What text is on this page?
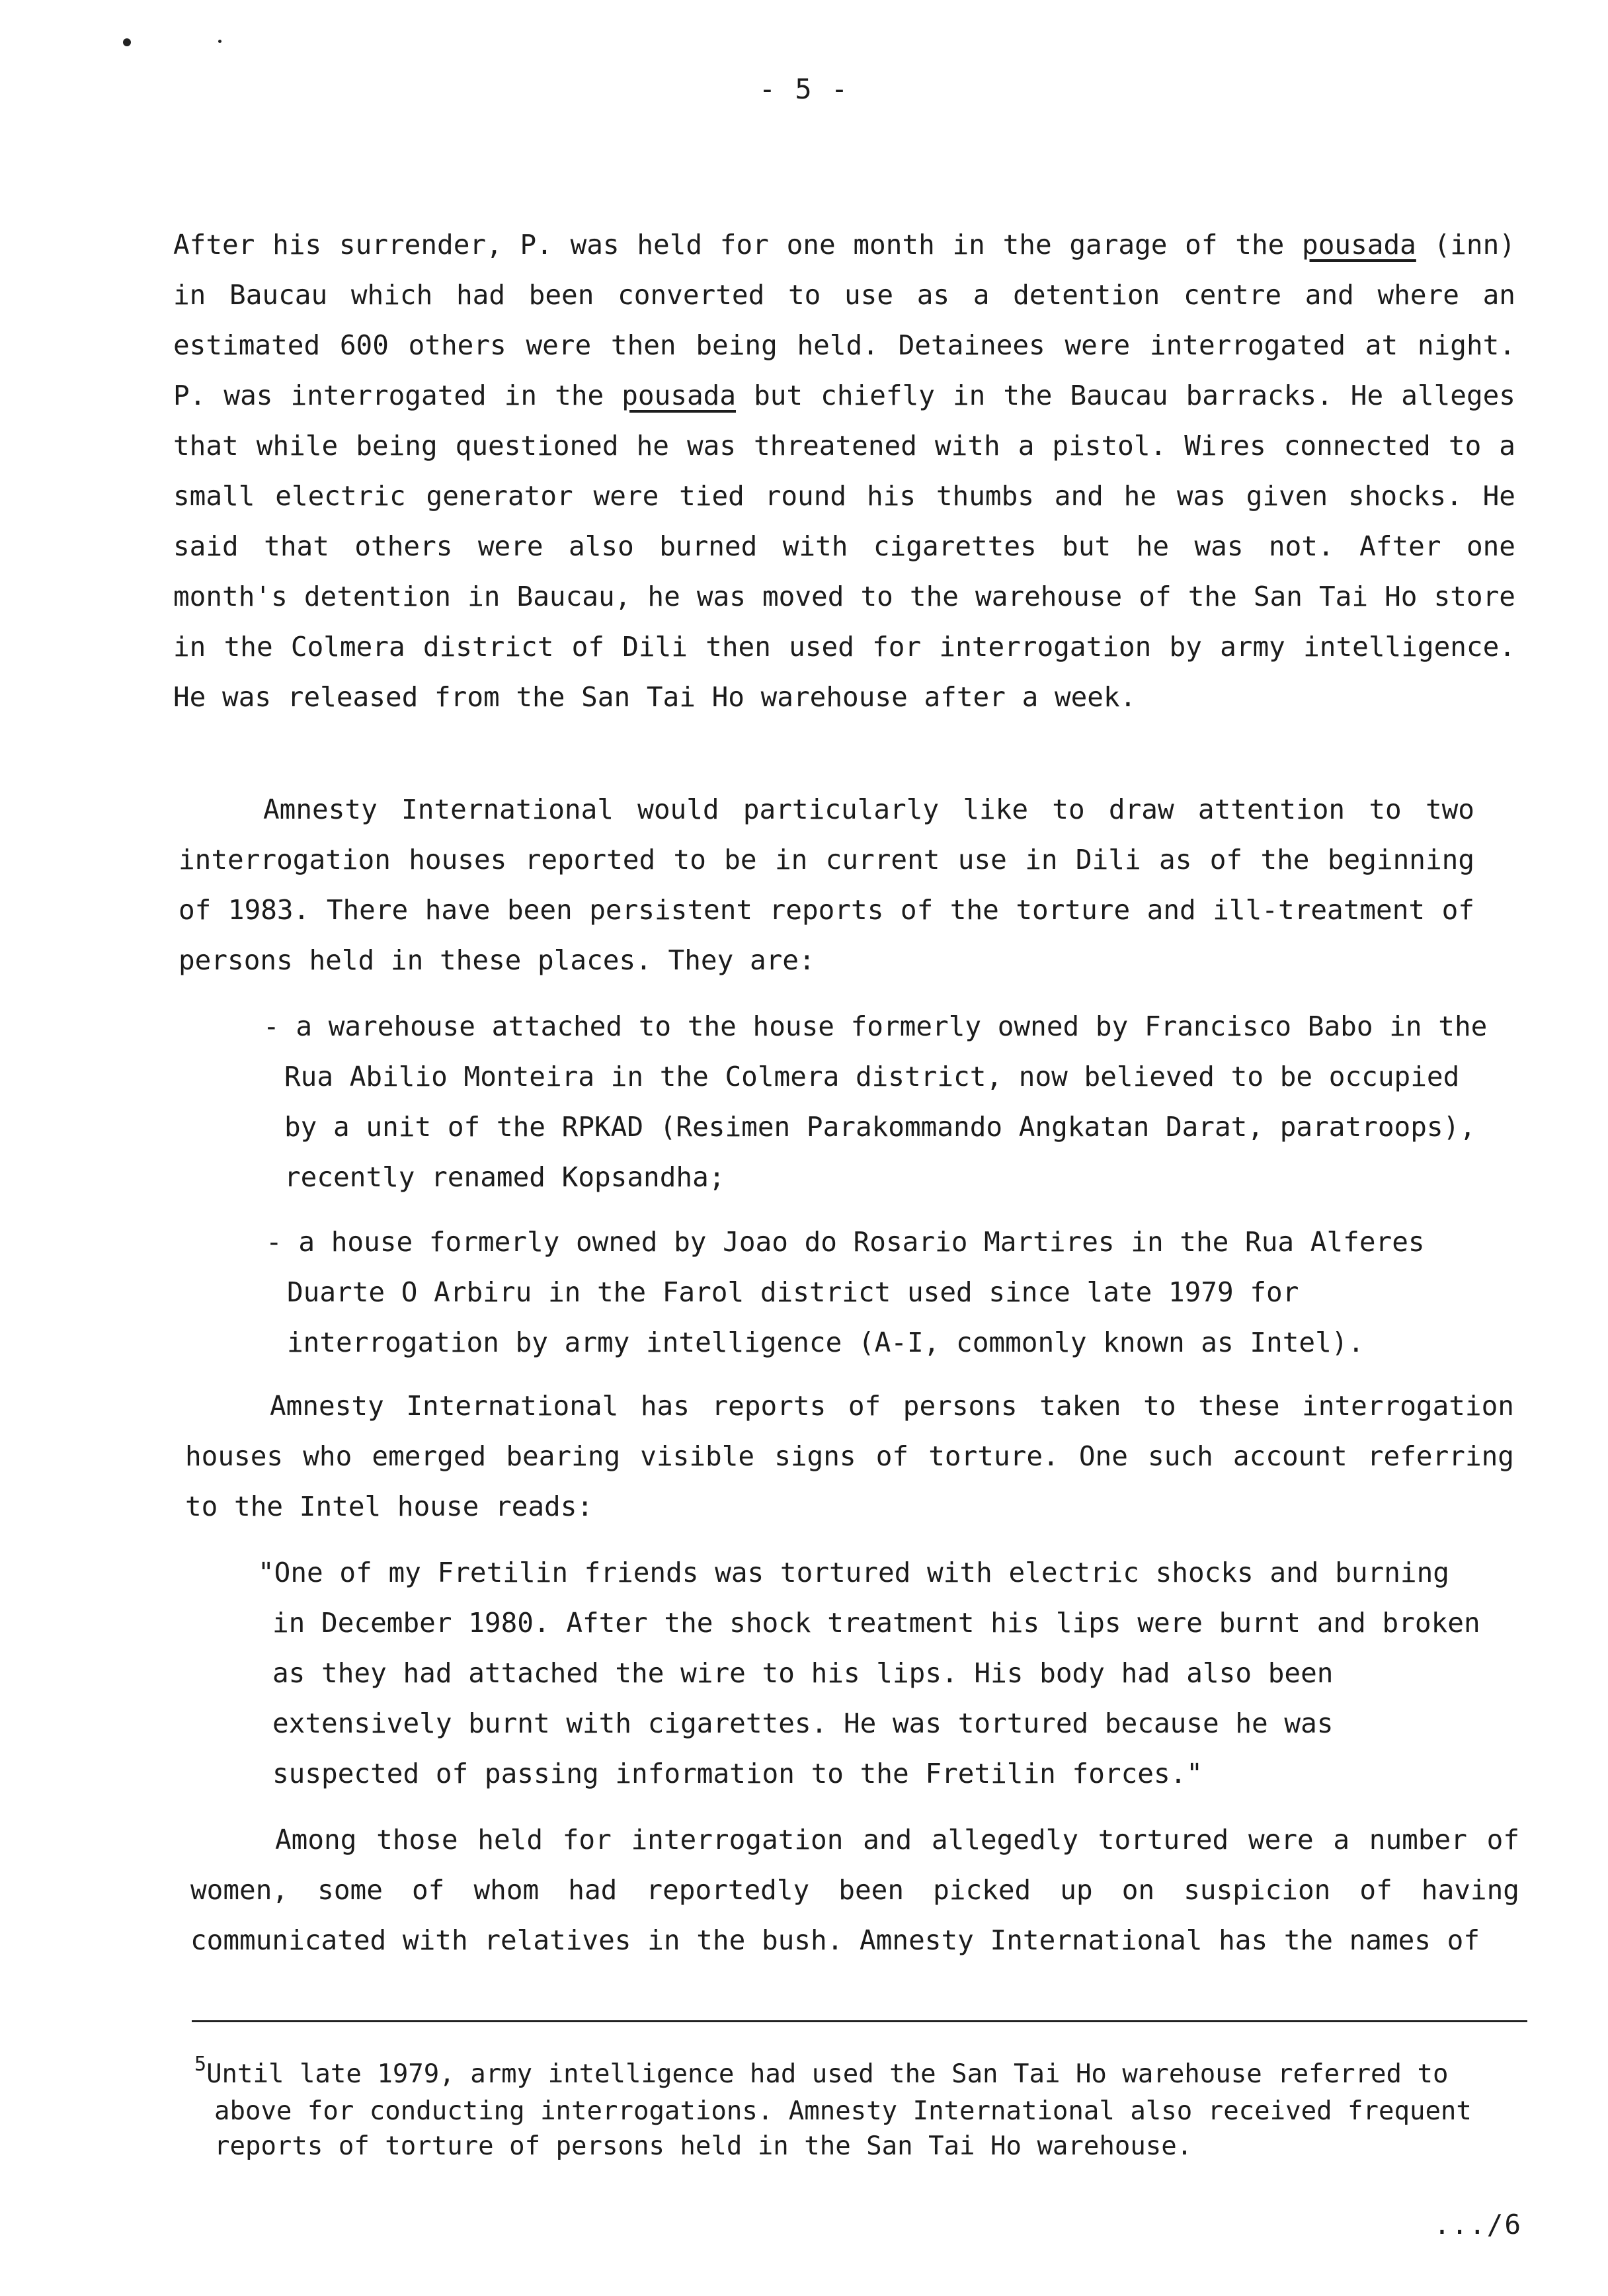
- 5 -

After his surrender, P. was held for one month in the garage of the pousada (inn) in Baucau which had been converted to use as a detention centre and where an estimated 600 others were then being held. Detainees were interrogated at night. P. was interrogated in the pousada but chiefly in the Baucau barracks. He alleges that while being questioned he was threatened with a pistol. Wires connected to a small electric generator were tied round his thumbs and he was given shocks. He said that others were also burned with cigarettes but he was not. After one month's detention in Baucau, he was moved to the warehouse of the San Tai Ho store in the Colmera district of Dili then used for interrogation by army intelligence. He was released from the San Tai Ho warehouse after a week.

Amnesty International would particularly like to draw attention to two interrogation houses reported to be in current use in Dili as of the beginning of 1983. There have been persistent reports of the torture and ill-treatment of persons held in these places. They are:

- a warehouse attached to the house formerly owned by Francisco Babo in the Rua Abilio Monteira in the Colmera district, now believed to be occupied by a unit of the RPKAD (Resimen Parakommando Angkatan Darat, paratroops), recently renamed Kopsandha;

- a house formerly owned by Joao do Rosario Martires in the Rua Alferes Duarte O Arbiru in the Farol district used since late 1979 for interrogation by army intelligence (A-I, commonly known as Intel).

Amnesty International has reports of persons taken to these interrogation houses who emerged bearing visible signs of torture. One such account referring to the Intel house reads:

"One of my Fretilin friends was tortured with electric shocks and burning in December 1980. After the shock treatment his lips were burnt and broken as they had attached the wire to his lips. His body had also been extensively burnt with cigarettes. He was tortured because he was suspected of passing information to the Fretilin forces."

Among those held for interrogation and allegedly tortured were a number of women, some of whom had reportedly been picked up on suspicion of having communicated with relatives in the bush. Amnesty International has the names of

$^5$Until late 1979, army intelligence had used the San Tai Ho warehouse referred to
above for conducting interrogations. Amnesty International also received frequent reports of torture of persons held in the San Tai Ho warehouse.

.../6
